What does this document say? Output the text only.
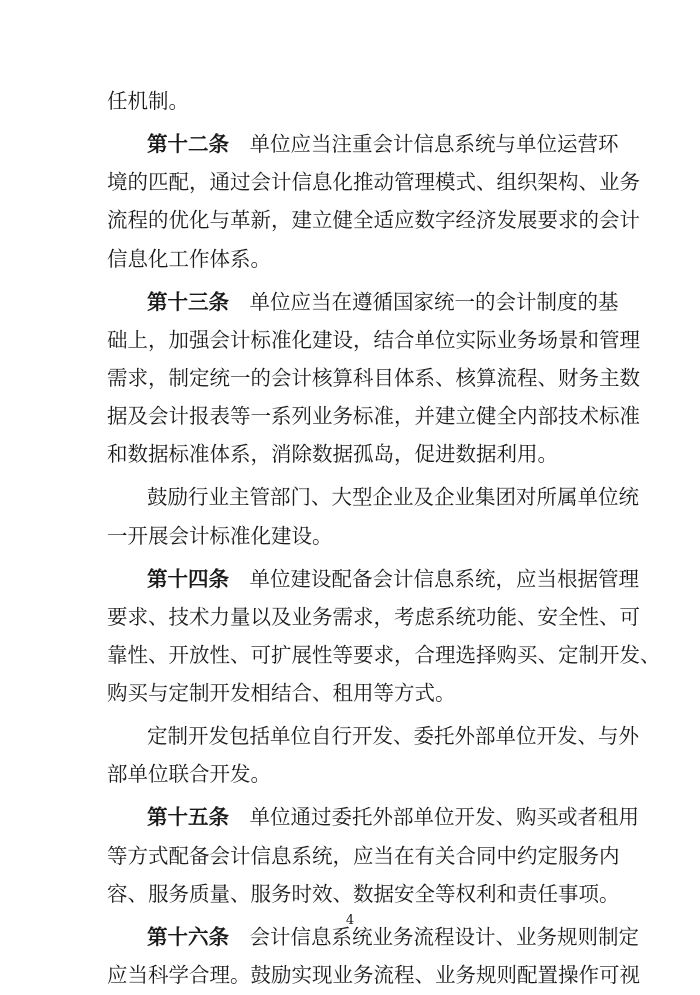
任机制。

第十二条　单位应当注重会计信息系统与单位运营环

境的匹配，通过会计信息化推动管理模式、组织架构、业务

流程的优化与革新，建立健全适应数字经济发展要求的会计

信息化工作体系。

第十三条　单位应当在遵循国家统一的会计制度的基

础上，加强会计标准化建设，结合单位实际业务场景和管理

需求，制定统一的会计核算科目体系、核算流程、财务主数

据及会计报表等一系列业务标准，并建立健全内部技术标准

和数据标准体系，消除数据孤岛，促进数据利用。

鼓励行业主管部门、大型企业及企业集团对所属单位统

一开展会计标准化建设。

第十四条　单位建设配备会计信息系统，应当根据管理

要求、技术力量以及业务需求，考虑系统功能、安全性、可

靠性、开放性、可扩展性等要求，合理选择购买、定制开发、

购买与定制开发相结合、租用等方式。

定制开发包括单位自行开发、委托外部单位开发、与外

部单位联合开发。

第十五条　单位通过委托外部单位开发、购买或者租用

等方式配备会计信息系统，应当在有关合同中约定服务内

容、服务质量、服务时效、数据安全等权利和责任事项。

第十六条　会计信息系统业务流程设计、业务规则制定

应当科学合理。鼓励实现业务流程、业务规则配置操作可视

4
